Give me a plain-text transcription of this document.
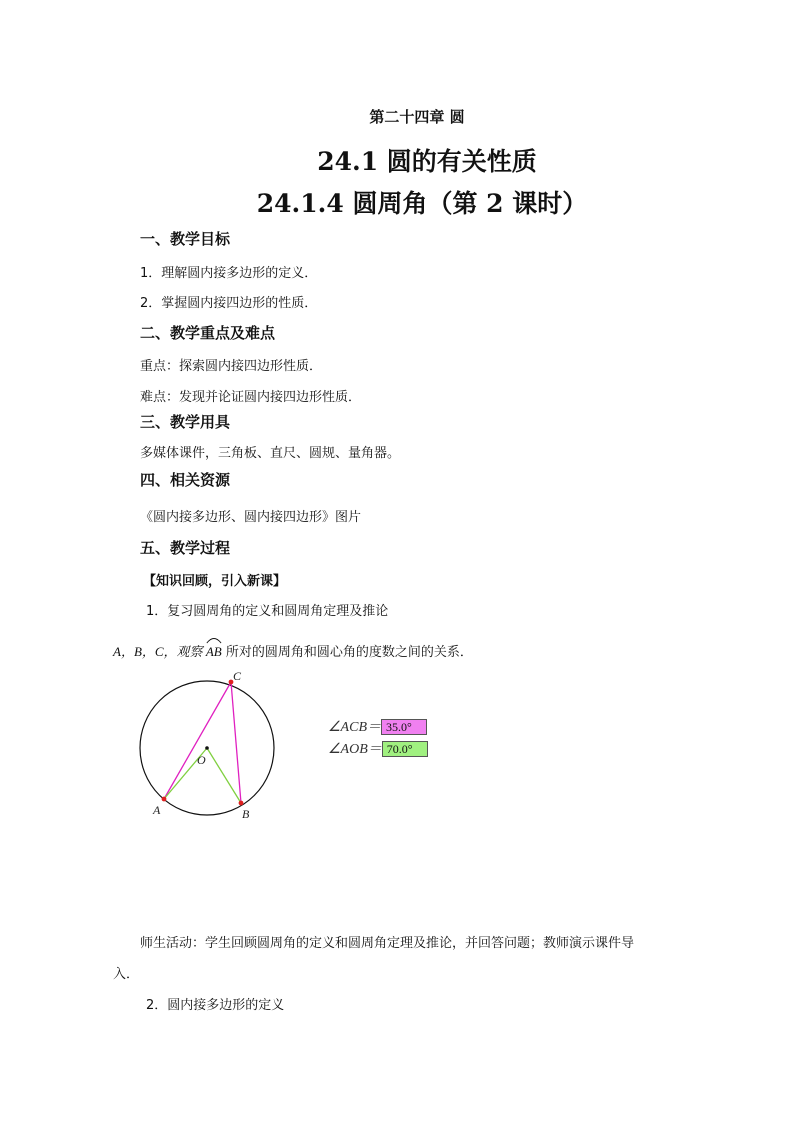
第二十四章 圆
24.1 圆的有关性质
24.1.4 圆周角（第 2 课时）
一、教学目标
1．理解圆内接多边形的定义．
2．掌握圆内接四边形的性质．
二、教学重点及难点
重点：探索圆内接四边形性质．
难点：发现并论证圆内接四边形性质．
三、教学用具
多媒体课件，三角板、直尺、圆规、量角器。
四、相关资源
《圆内接多边形、圆内接四边形》图片
五、教学过程
【知识回顾，引入新课】
1．复习圆周角的定义和圆周角定理及推论
A，B，C，观察
AB 所对的圆周角和圆心角的度数之间的关系．
A	B
C
O
∠ACB＝ 35.0°
∠AOB＝ 70.0°
师生活动：学生回顾圆周角的定义和圆周角定理及推论，并回答问题；教师演示课件导
入．
2．圆内接多边形的定义
